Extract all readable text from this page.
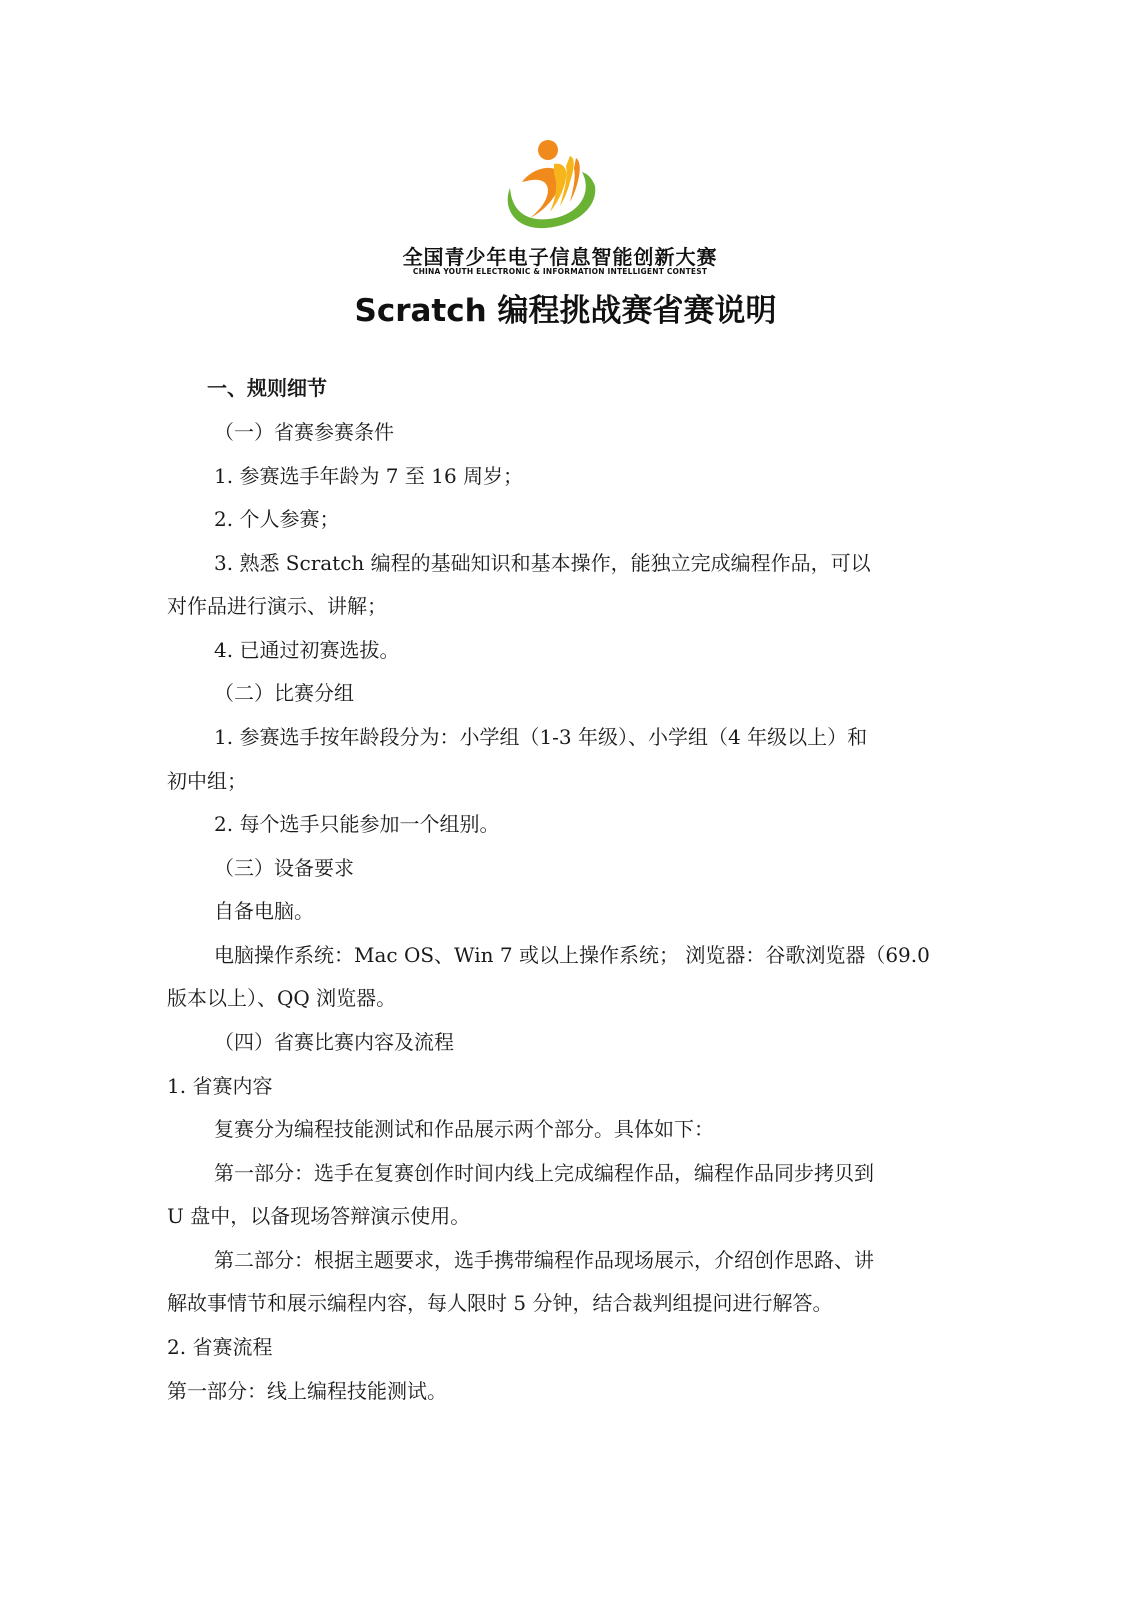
全国青少年电子信息智能创新大赛
CHINA YOUTH ELECTRONIC & INFORMATION INTELLIGENT CONTEST
Scratch 编程挑战赛省赛说明
一、规则细节
（一）省赛参赛条件
1. 参赛选手年龄为 7 至 16 周岁；
2. 个人参赛；
3. 熟悉 Scratch 编程的基础知识和基本操作，能独立完成编程作品，可以
对作品进行演示、讲解；
4. 已通过初赛选拔。
（二）比赛分组
1. 参赛选手按年龄段分为：小学组（1-3 年级）、小学组（4 年级以上）和
初中组；
2. 每个选手只能参加一个组别。
（三）设备要求
自备电脑。
电脑操作系统：Mac OS、Win 7 或以上操作系统； 浏览器：谷歌浏览器（69.0
版本以上）、QQ 浏览器。
（四）省赛比赛内容及流程
1. 省赛内容
复赛分为编程技能测试和作品展示两个部分。具体如下：
第一部分：选手在复赛创作时间内线上完成编程作品，编程作品同步拷贝到
U 盘中，以备现场答辩演示使用。
第二部分：根据主题要求，选手携带编程作品现场展示，介绍创作思路、讲
解故事情节和展示编程内容，每人限时 5 分钟，结合裁判组提问进行解答。
2. 省赛流程
第一部分：线上编程技能测试。
